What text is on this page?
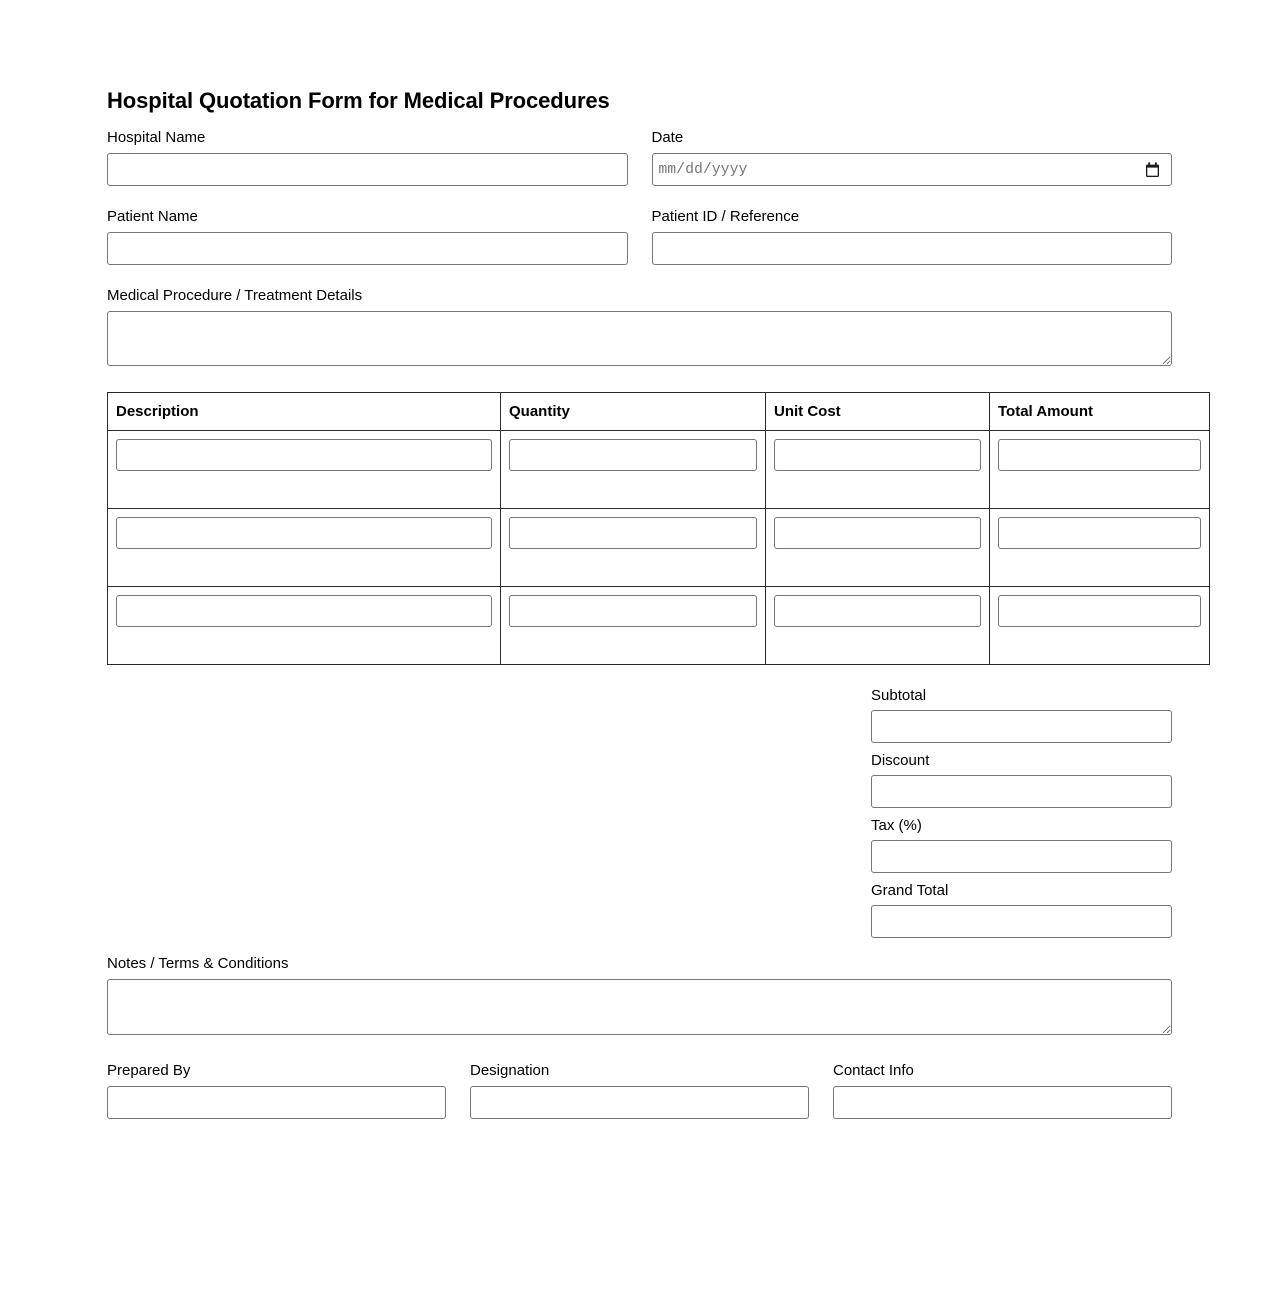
Hospital Quotation Form for Medical Procedures
Hospital Name	Date
mm/dd/yyyy
Patient Name	Patient ID / Reference
Medical Procedure / Treatment Details
Description	Quantity	Unit Cost	Total Amount

Subtotal
Discount
Tax (%)
Grand Total
Notes / Terms & Conditions
Prepared By	Designation	Contact Info
